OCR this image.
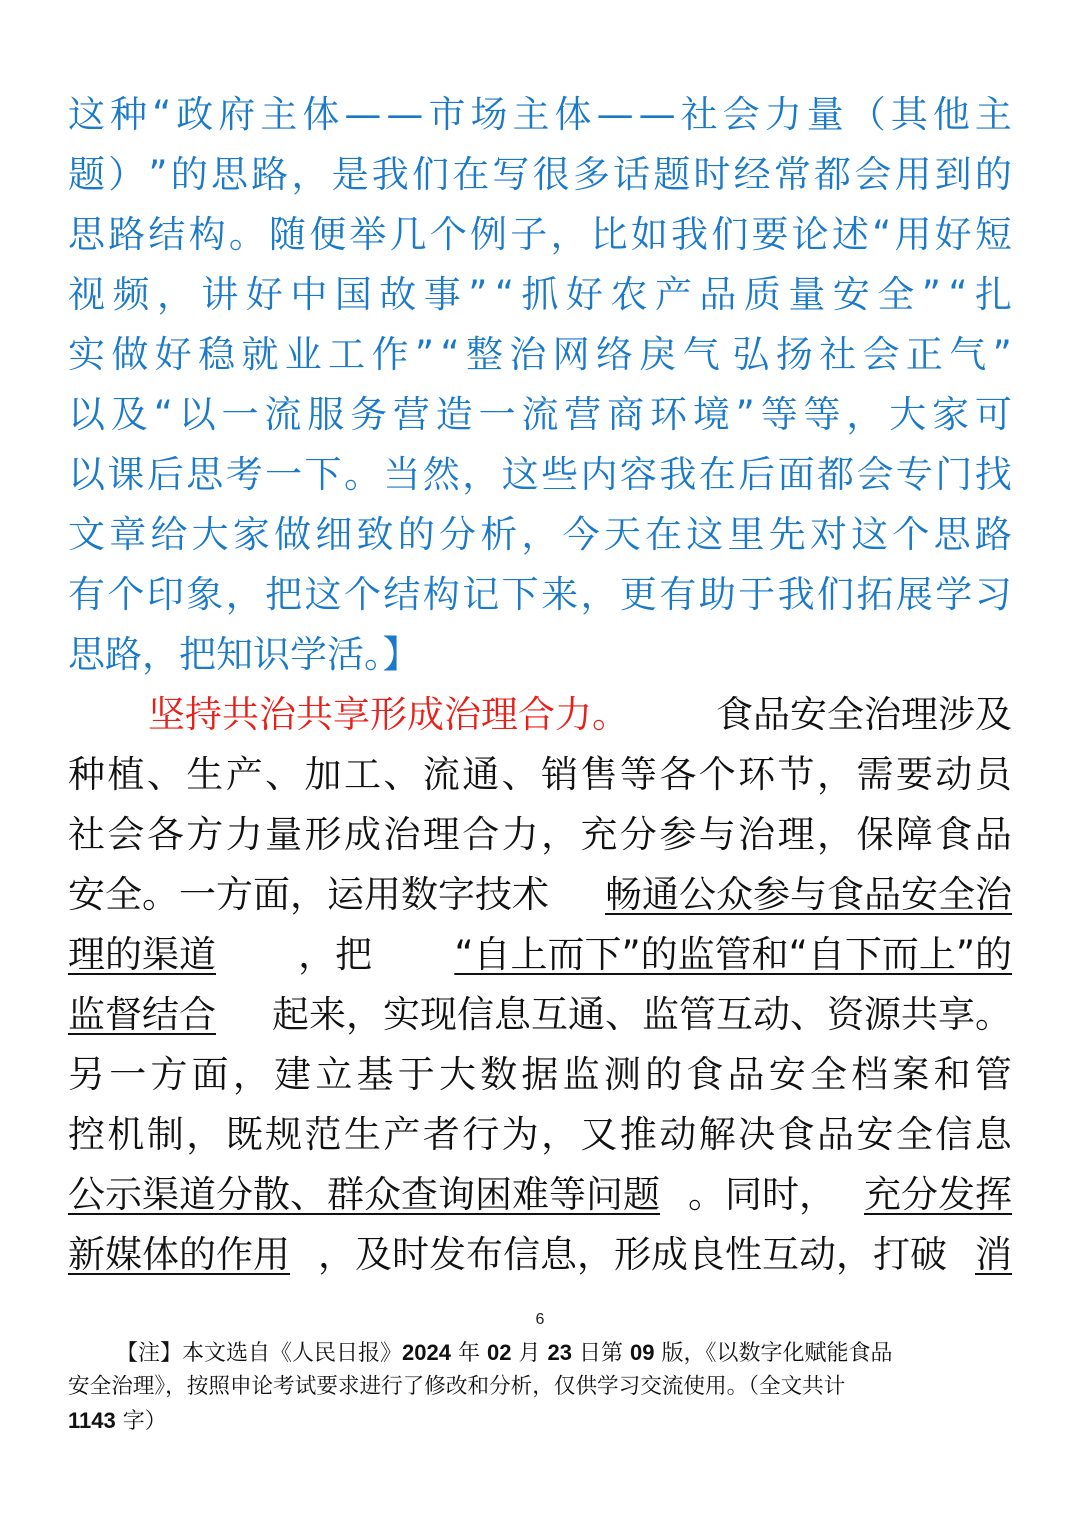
这 种 “ 政 府 主 体 — — 市 场 主 体 — — 社 会 力 量 （ 其 他 主
题 ） ” 的 思 路 ， 是 我 们 在 写 很 多 话 题 时 经 常 都 会 用 到 的
思 路 结 构 。 随 便 举 几 个 例 子 ， 比 如 我 们 要 论 述 “ 用 好 短
视 频 ， 讲 好 中 国 故 事 ” “ 抓 好 农 产 品 质 量 安 全 ” “ 扎
实 做 好 稳 就 业 工 作 ” “ 整 治 网 络 戾 气 弘 扬 社 会 正 气 ”
以 及 “ 以 一 流 服 务 营 造 一 流 营 商 环 境 ” 等 等 ， 大 家 可
以 课 后 思 考 一 下 。 当 然 ， 这 些 内 容 我 在 后 面 都 会 专 门 找
文 章 给 大 家 做 细 致 的 分 析 ， 今 天 在 这 里 先 对 这 个 思 路
有 个 印 象 ， 把 这 个 结 构 记 下 来 ， 更 有 助 于 我 们 拓 展 学 习
思路，把知识学活。】
坚持共治共享形成治理合力。 食品安全治理涉及
种 植 、 生 产 、 加 工 、 流 通 、 销 售 等 各 个 环 节 ， 需 要 动 员
社 会 各 方 力 量 形 成 治 理 合 力 ， 充 分 参 与 治 理 ， 保 障 食 品
安全。一方面，运用数字技术 畅通公众参与食品安全治
理的渠道 ，把 “自上而下”的监管和“自下而上”的
监督结合 起来，实现信息互通、监管互动、资源共享。
另 一 方 面 ， 建 立 基 于 大 数 据 监 测 的 食 品 安 全 档 案 和 管
控 机 制 ， 既 规 范 生 产 者 行 为 ， 又 推 动 解 决 食 品 安 全 信 息
公示渠道分散、群众查询困难等问题 。同时， 充分发挥
新媒体的作用 ，及时发布信息，形成良性互动，打破 消
6
【注】本文选自《人民日报》2024 年 02 月 23 日第 09 版，《以数字化赋能食品
安全治理》，按照申论考试要求进行了修改和分析，仅供学习交流使用。（全文共计
1143 字）
